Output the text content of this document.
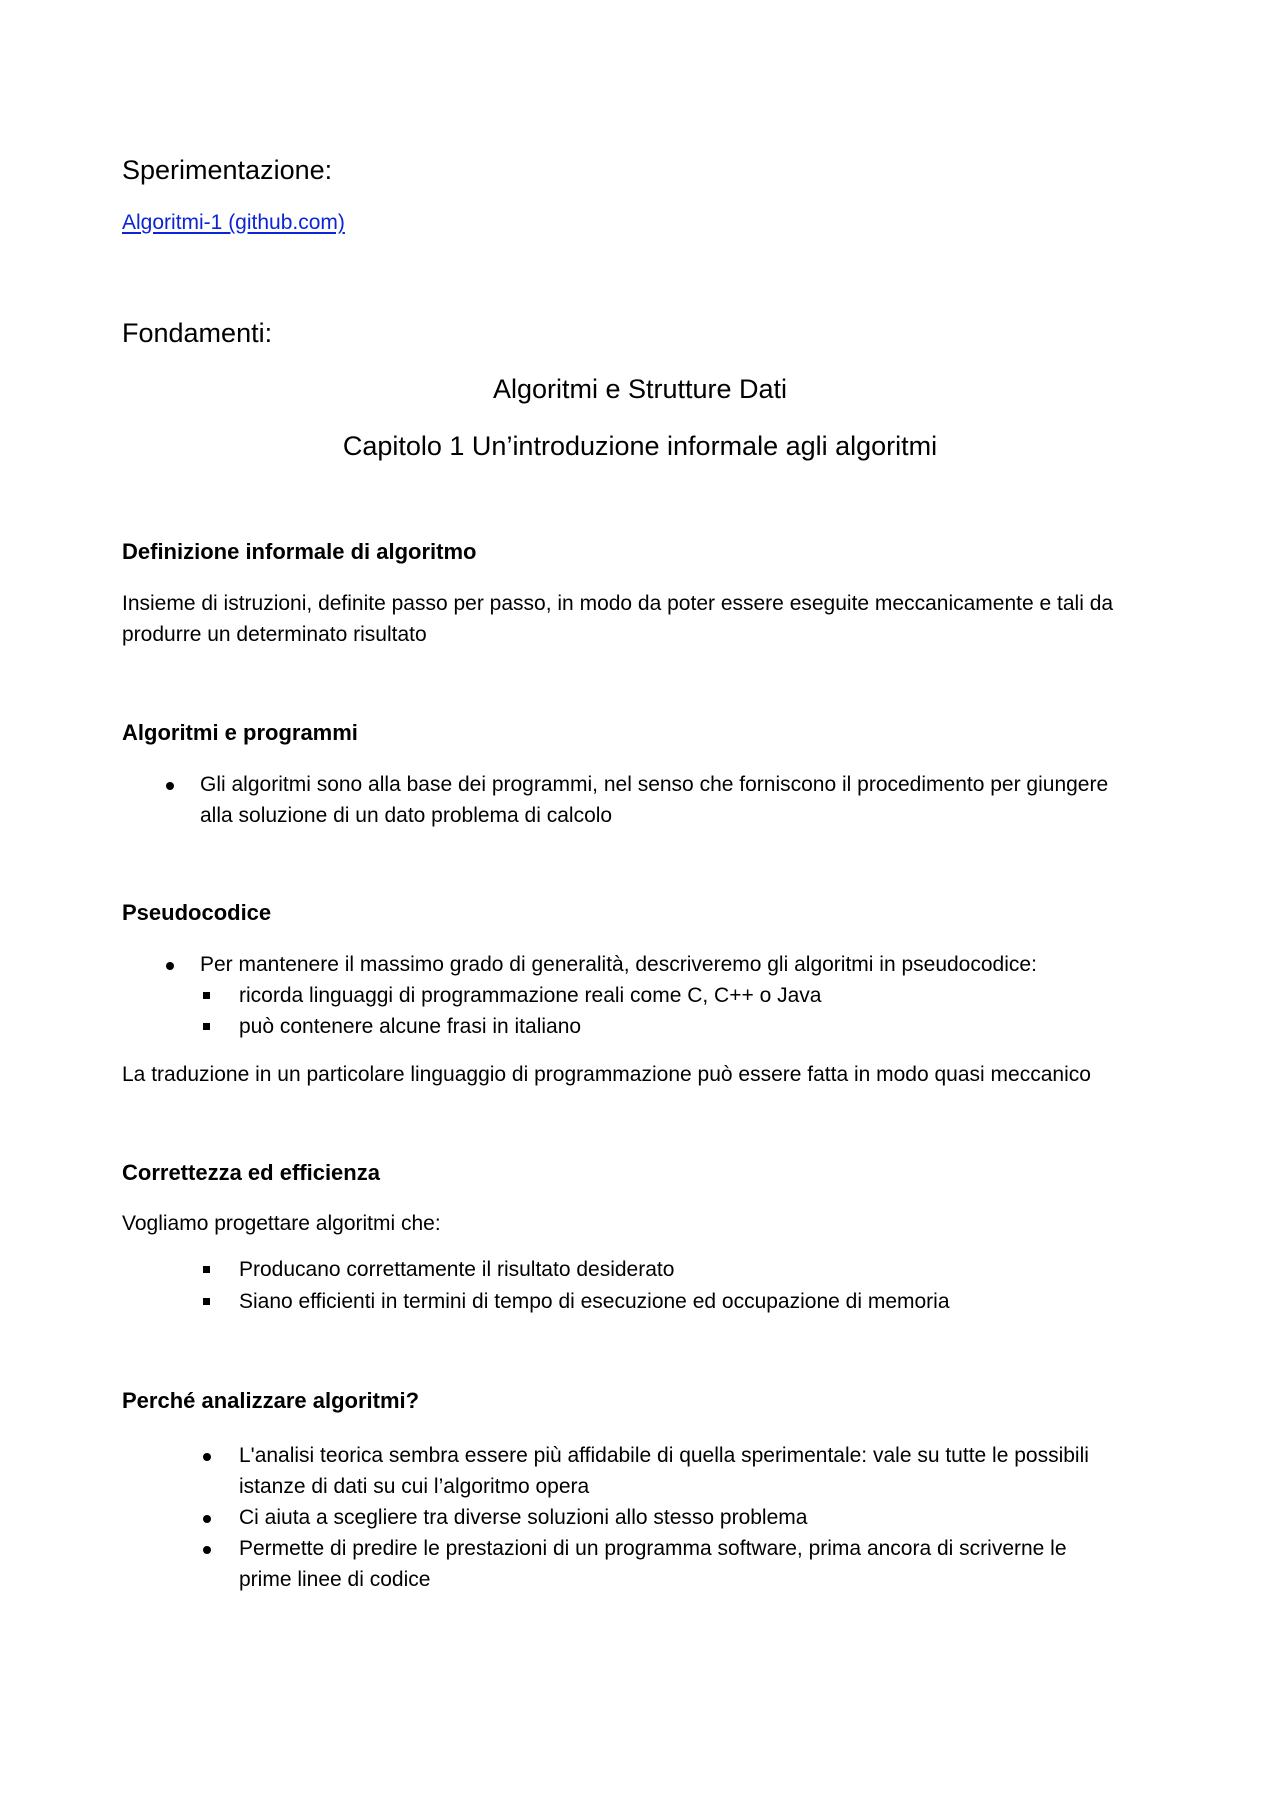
Sperimentazione:
Algoritmi-1 (github.com)
Fondamenti:
Algoritmi e Strutture Dati
Capitolo 1 Un’introduzione informale agli algoritmi
Definizione informale di algoritmo
Insieme di istruzioni, definite passo per passo, in modo da poter essere eseguite meccanicamente e tali da
produrre un determinato risultato
Algoritmi e programmi
Gli algoritmi sono alla base dei programmi, nel senso che forniscono il procedimento per giungere
alla soluzione di un dato problema di calcolo
Pseudocodice
Per mantenere il massimo grado di generalità, descriveremo gli algoritmi in pseudocodice:
ricorda linguaggi di programmazione reali come C, C++ o Java
può contenere alcune frasi in italiano
La traduzione in un particolare linguaggio di programmazione può essere fatta in modo quasi meccanico
Correttezza ed efficienza
Vogliamo progettare algoritmi che:
Producano correttamente il risultato desiderato
Siano efficienti in termini di tempo di esecuzione ed occupazione di memoria
Perché analizzare algoritmi?
L'analisi teorica sembra essere più affidabile di quella sperimentale: vale su tutte le possibili
istanze di dati su cui l’algoritmo opera
Ci aiuta a scegliere tra diverse soluzioni allo stesso problema
Permette di predire le prestazioni di un programma software, prima ancora di scriverne le
prime linee di codice
